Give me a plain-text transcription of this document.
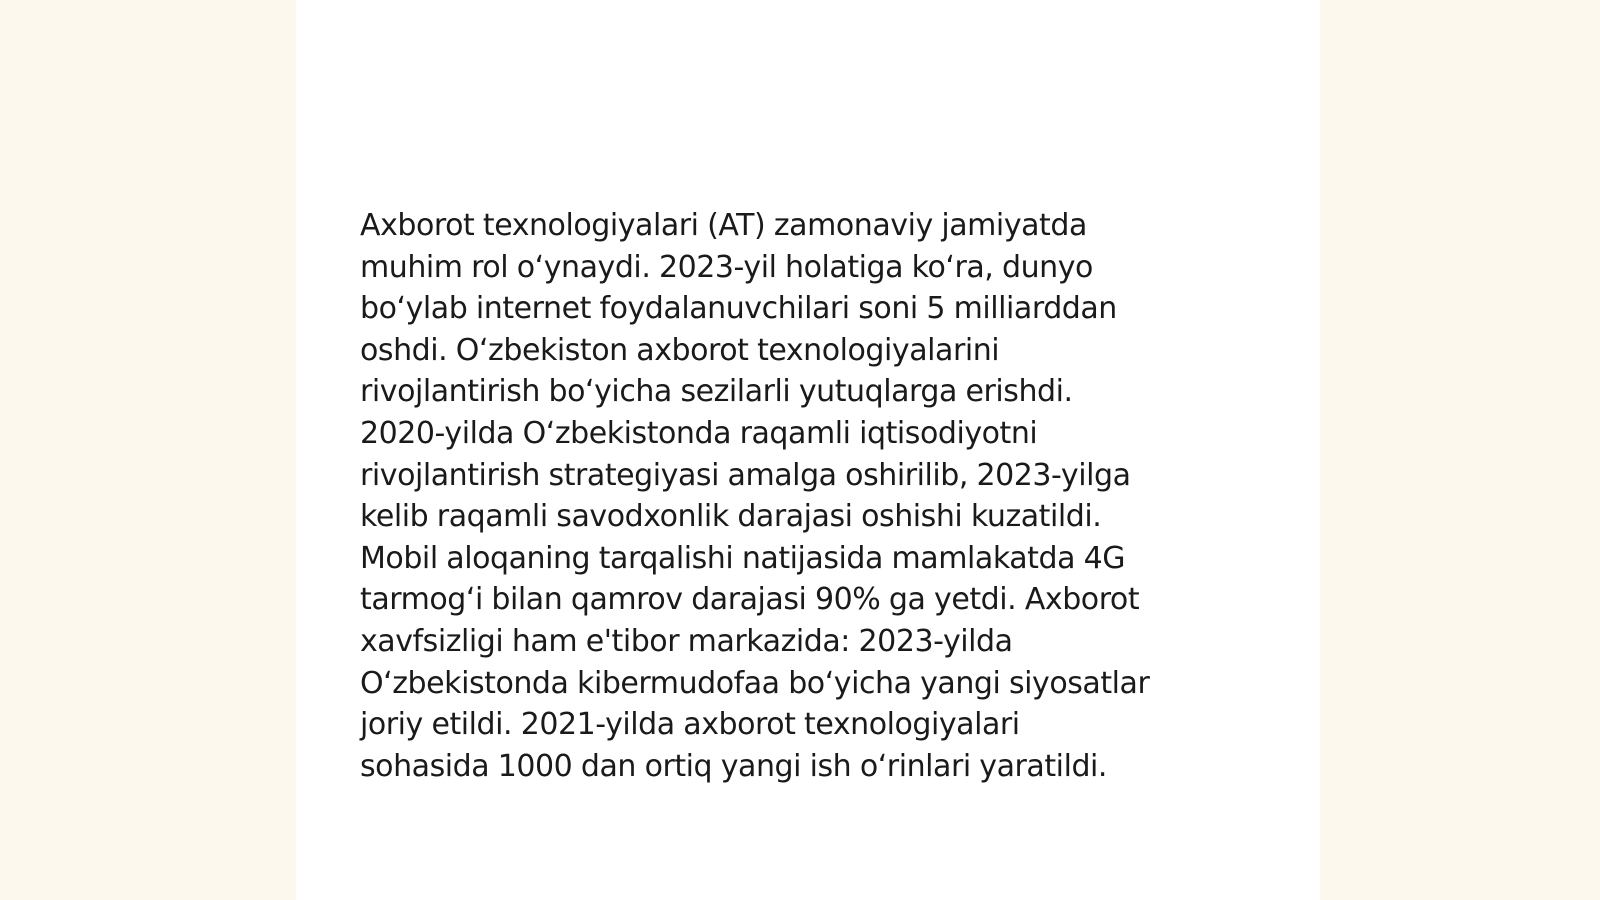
Axborot texnologiyalari (AT) zamonaviy jamiyatda
muhim rol o‘ynaydi. 2023-yil holatiga ko‘ra, dunyo
bo‘ylab internet foydalanuvchilari soni 5 milliarddan
oshdi. O‘zbekiston axborot texnologiyalarini
rivojlantirish bo‘yicha sezilarli yutuqlarga erishdi.
2020-yilda O‘zbekistonda raqamli iqtisodiyotni
rivojlantirish strategiyasi amalga oshirilib, 2023-yilga
kelib raqamli savodxonlik darajasi oshishi kuzatildi.
Mobil aloqaning tarqalishi natijasida mamlakatda 4G
tarmog‘i bilan qamrov darajasi 90% ga yetdi. Axborot
xavfsizligi ham e'tibor markazida: 2023-yilda
O‘zbekistonda kibermudofaa bo‘yicha yangi siyosatlar
joriy etildi. 2021-yilda axborot texnologiyalari
sohasida 1000 dan ortiq yangi ish o‘rinlari yaratildi.
